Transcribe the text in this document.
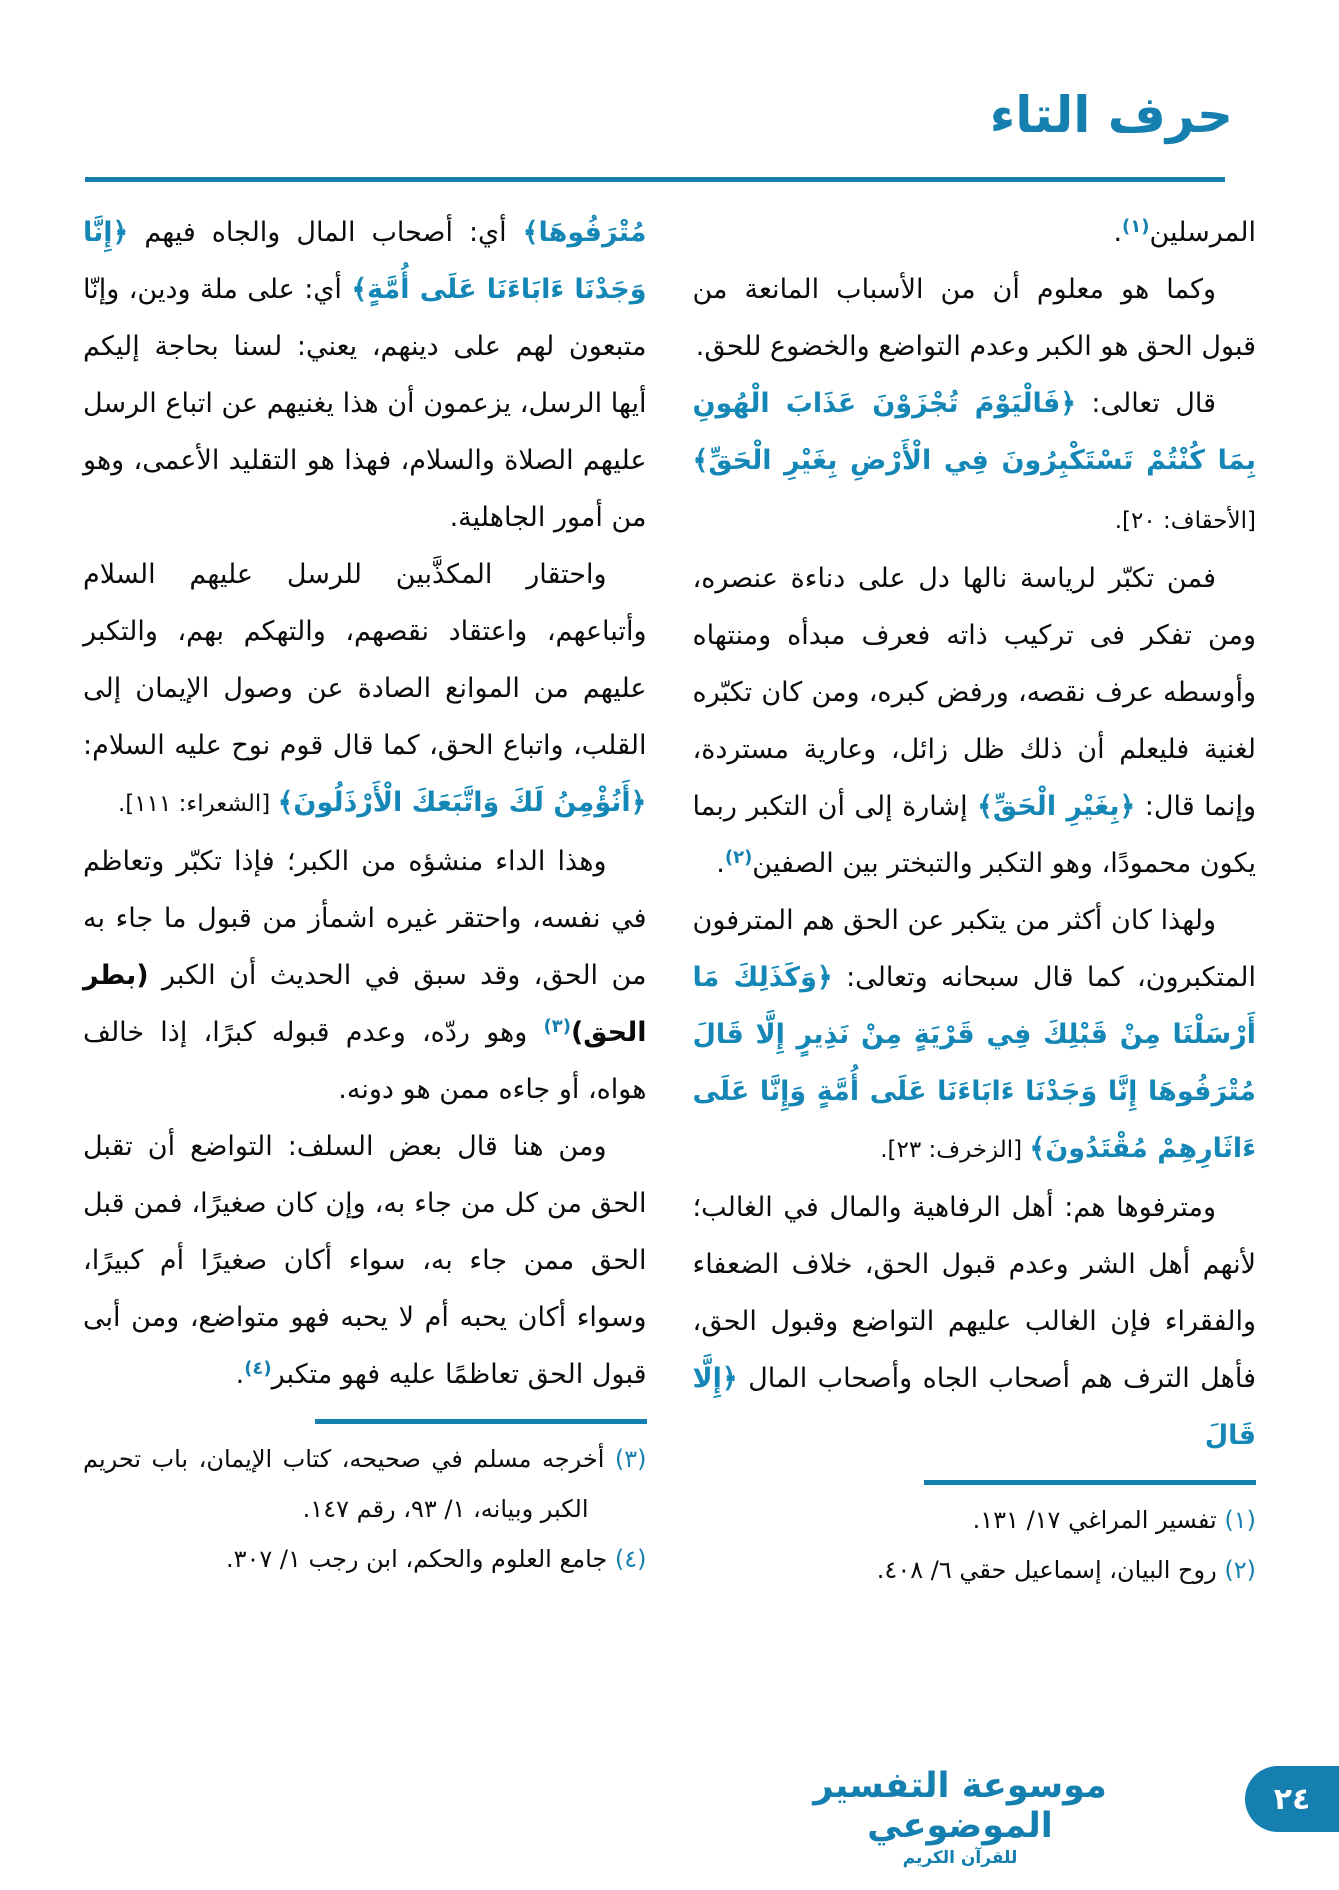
حرف التاء

المرسلين$^{(١)}$.

وكما هو معلوم أن من الأسباب المانعة من قبول الحق هو الكبر وعدم التواضع والخضوع للحق.

قال تعالى: ﴿فَالْيَوْمَ تُجْزَوْنَ عَذَابَ الْهُونِ بِمَا كُنْتُمْ تَسْتَكْبِرُونَ فِي الْأَرْضِ بِغَيْرِ الْحَقِّ﴾ [الأحقاف: ٢٠].

فمن تكبّر لرياسة نالها دل على دناءة عنصره، ومن تفكر فى تركيب ذاته فعرف مبدأه ومنتهاه وأوسطه عرف نقصه، ورفض كبره، ومن كان تكبّره لغنية فليعلم أن ذلك ظل زائل، وعارية مستردة، وإنما قال: ﴿بِغَيْرِ الْحَقِّ﴾ إشارة إلى أن التكبر ربما يكون محمودًا، وهو التكبر والتبختر بين الصفين$^{(٢)}$.

ولهذا كان أكثر من يتكبر عن الحق هم المترفون المتكبرون، كما قال سبحانه وتعالى: ﴿وَكَذَلِكَ مَا أَرْسَلْنَا مِنْ قَبْلِكَ فِي قَرْيَةٍ مِنْ نَذِيرٍ إِلَّا قَالَ مُتْرَفُوهَا إِنَّا وَجَدْنَا ءَابَاءَنَا عَلَى أُمَّةٍ وَإِنَّا عَلَى ءَاثَارِهِمْ مُقْتَدُونَ﴾ [الزخرف: ٢٣].

ومترفوها هم: أهل الرفاهية والمال في الغالب؛ لأنهم أهل الشر وعدم قبول الحق، خلاف الضعفاء والفقراء فإن الغالب عليهم التواضع وقبول الحق، فأهل الترف هم أصحاب الجاه وأصحاب المال ﴿إِلَّا قَالَ

(١) تفسير المراغي ١٧/ ١٣١.
(٢) روح البيان، إسماعيل حقي ٦/ ٤٠٨.

مُتْرَفُوهَا﴾ أي: أصحاب المال والجاه فيهم ﴿إِنَّا وَجَدْنَا ءَابَاءَنَا عَلَى أُمَّةٍ﴾ أي: على ملة ودين، وإنّا متبعون لهم على دينهم، يعني: لسنا بحاجة إليكم أيها الرسل، يزعمون أن هذا يغنيهم عن اتباع الرسل عليهم الصلاة والسلام، فهذا هو التقليد الأعمى، وهو من أمور الجاهلية.

واحتقار المكذَّبين للرسل عليهم السلام وأتباعهم، واعتقاد نقصهم، والتهكم بهم، والتكبر عليهم من الموانع الصادة عن وصول الإيمان إلى القلب، واتباع الحق، كما قال قوم نوح عليه السلام: ﴿أَنُؤْمِنُ لَكَ وَاتَّبَعَكَ الْأَرْذَلُونَ﴾ [الشعراء: ١١١].

وهذا الداء منشؤه من الكبر؛ فإذا تكبّر وتعاظم في نفسه، واحتقر غيره اشمأز من قبول ما جاء به من الحق، وقد سبق في الحديث أن الكبر (بطر الحق)$^{(٣)}$ وهو ردّه، وعدم قبوله كبرًا، إذا خالف هواه، أو جاءه ممن هو دونه.

ومن هنا قال بعض السلف: التواضع أن تقبل الحق من كل من جاء به، وإن كان صغيرًا، فمن قبل الحق ممن جاء به، سواء أكان صغيرًا أم كبيرًا، وسواء أكان يحبه أم لا يحبه فهو متواضع، ومن أبى قبول الحق تعاظمًا عليه فهو متكبر$^{(٤)}$.

(٣) أخرجه مسلم في صحيحه، كتاب الإيمان، باب تحريم الكبر وبيانه، ١/ ٩٣، رقم ١٤٧.
(٤) جامع العلوم والحكم، ابن رجب ١/ ٣٠٧.
موسوعة التفسير الموضوعي
للقرآن الكريم
٢٤
